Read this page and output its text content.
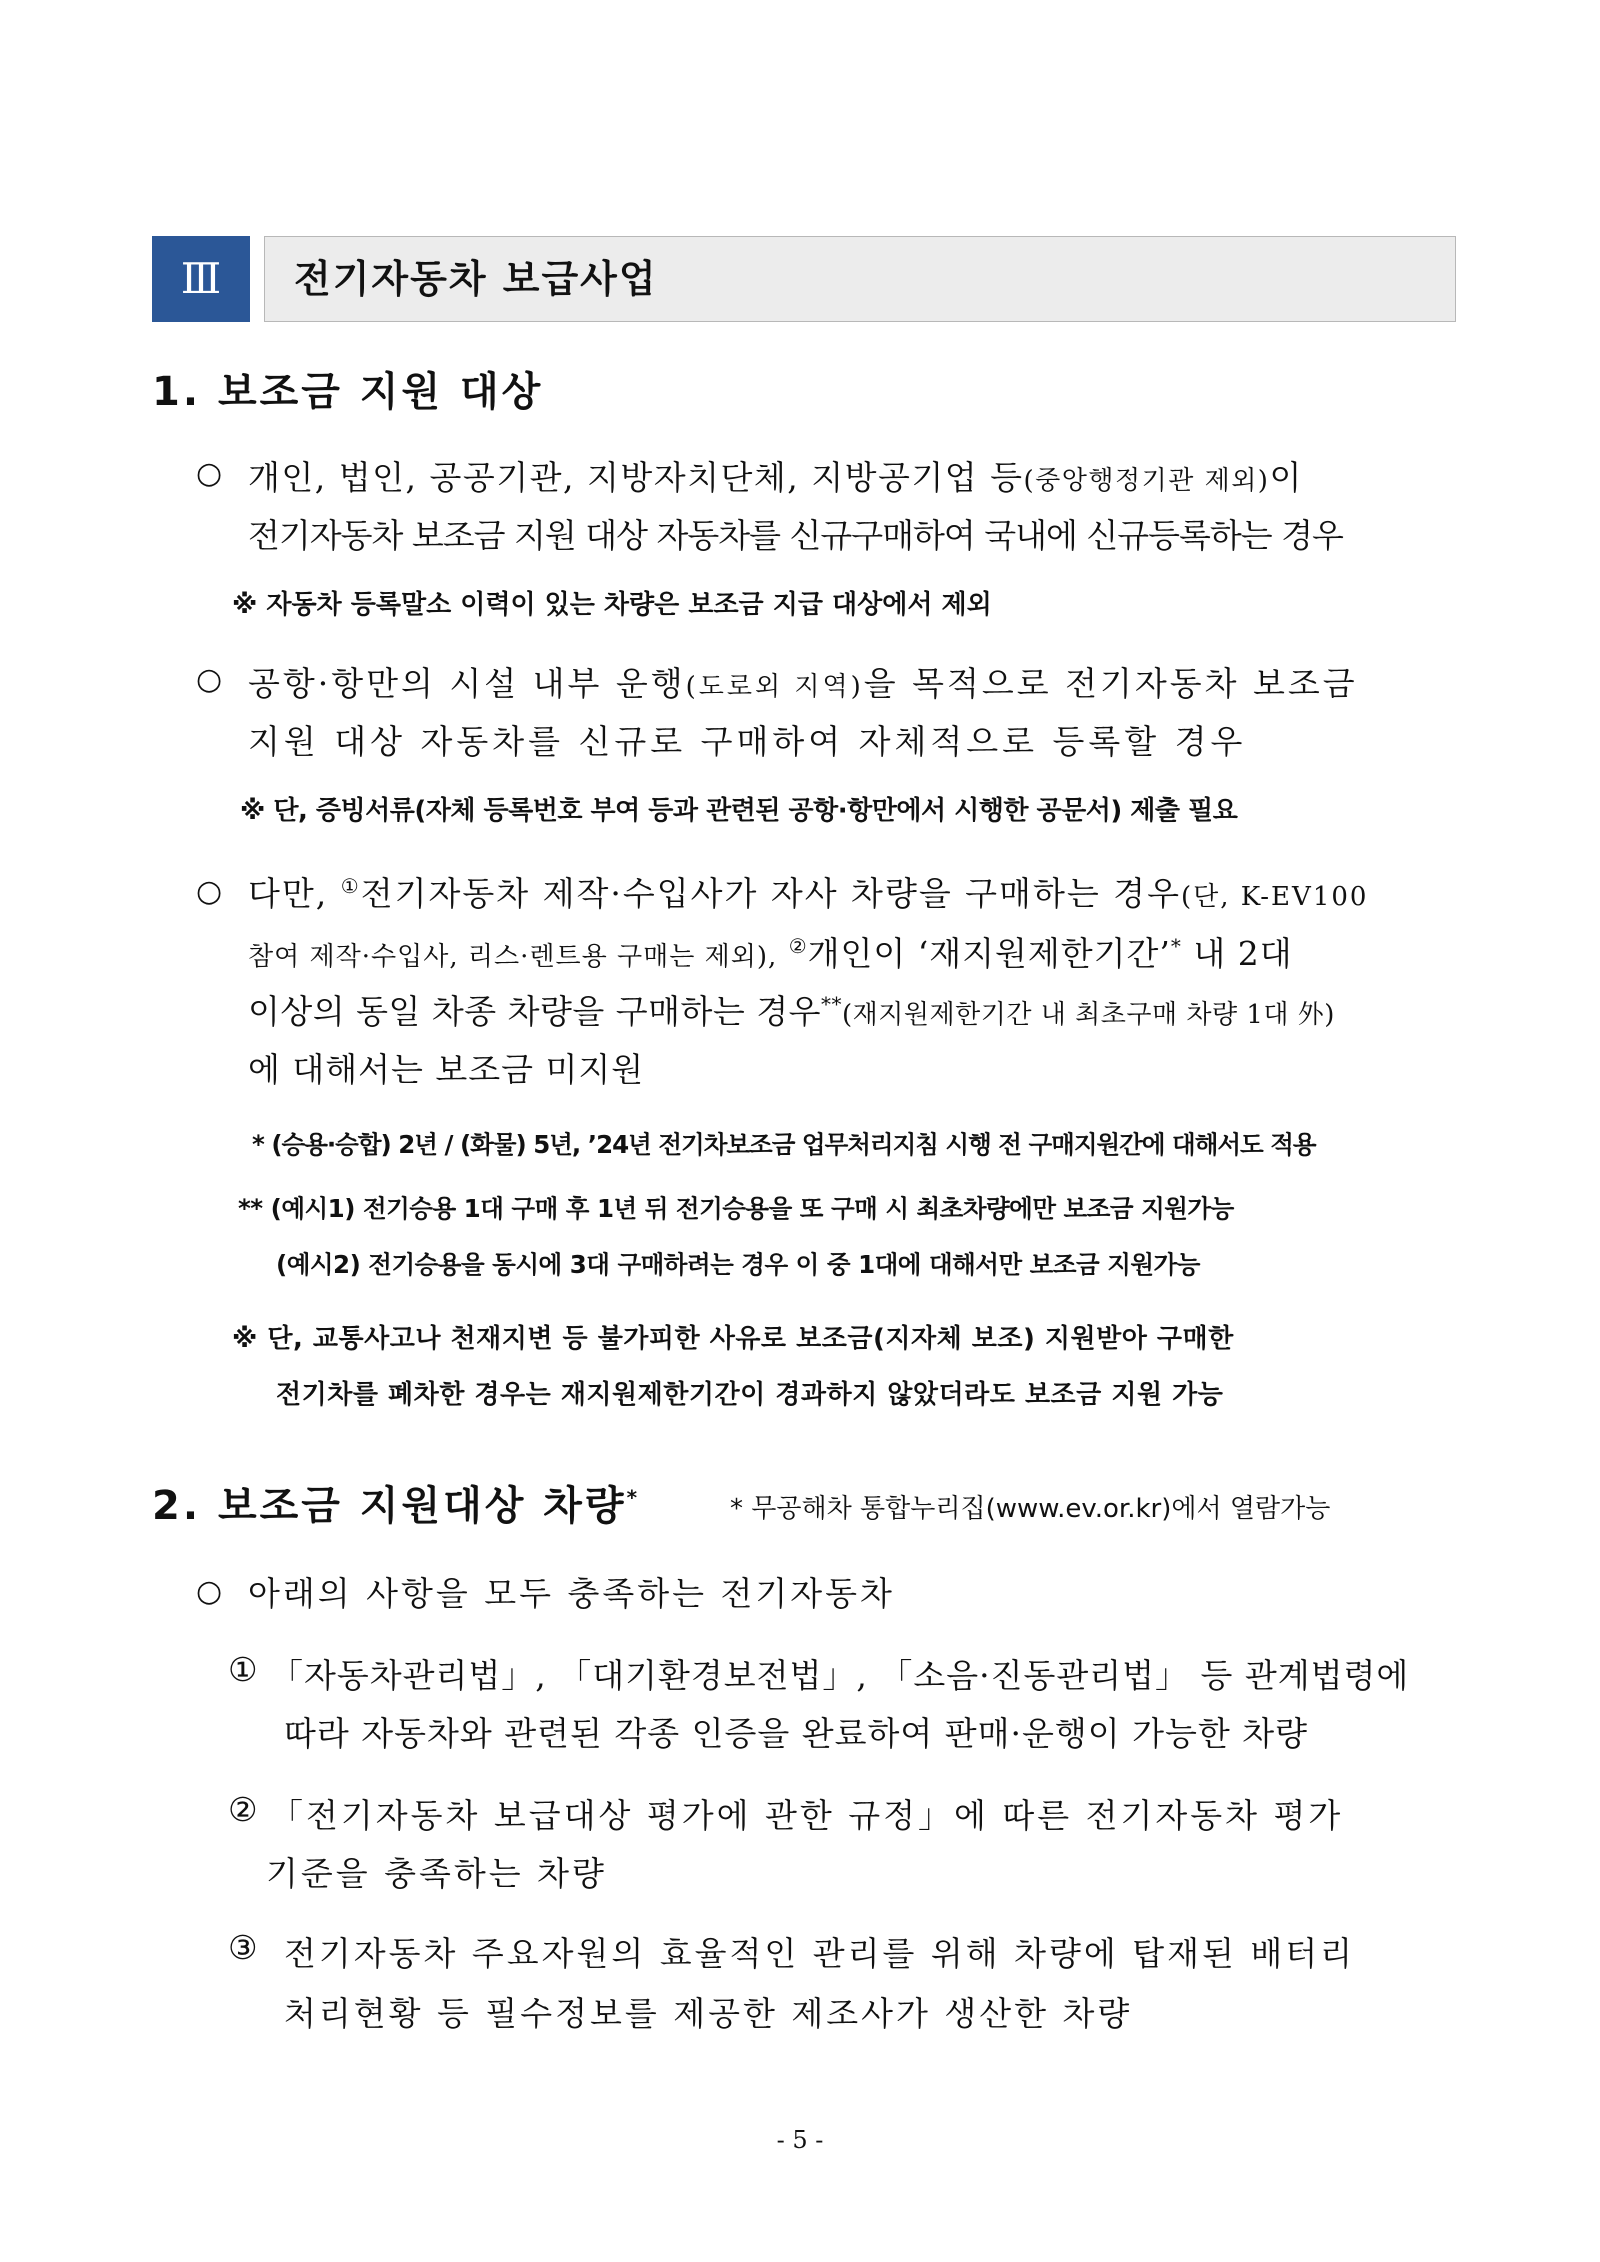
Ⅲ	전기자동차 보급사업
1. 보조금 지원 대상
○ 개인, 법인, 공공기관, 지방자치단체, 지방공기업 등(중앙행정기관 제외)이
전기자동차 보조금 지원 대상 자동차를 신규구매하여 국내에 신규등록하는 경우
※ 자동차 등록말소 이력이 있는 차량은 보조금 지급 대상에서 제외
○ 공항·항만의 시설 내부 운행(도로외 지역)을 목적으로 전기자동차 보조금
지원 대상 자동차를 신규로 구매하여 자체적으로 등록할 경우
※ 단, 증빙서류(자체 등록번호 부여 등과 관련된 공항·항만에서 시행한 공문서) 제출 필요
○ 다만, ①전기자동차 제작·수입사가 자사 차량을 구매하는 경우(단, K-EV100
참여 제작·수입사, 리스·렌트용 구매는 제외), ②개인이 ‘재지원제한기간’* 내 2대
이상의 동일 차종 차량을 구매하는 경우**(재지원제한기간 내 최초구매 차량 1대 外)
에 대해서는 보조금 미지원
* (승용·승합) 2년 / (화물) 5년, ’24년 전기차보조금 업무처리지침 시행 전 구매지원간에 대해서도 적용
** (예시1) 전기승용 1대 구매 후 1년 뒤 전기승용을 또 구매 시 최초차량에만 보조금 지원가능
(예시2) 전기승용을 동시에 3대 구매하려는 경우 이 중 1대에 대해서만 보조금 지원가능
※ 단, 교통사고나 천재지변 등 불가피한 사유로 보조금(지자체 보조) 지원받아 구매한
전기차를 폐차한 경우는 재지원제한기간이 경과하지 않았더라도 보조금 지원 가능
2. 보조금 지원대상 차량*	* 무공해차 통합누리집(www.ev.or.kr)에서 열람가능
○ 아래의 사항을 모두 충족하는 전기자동차
① 「자동차관리법」, 「대기환경보전법」, 「소음·진동관리법」 등 관계법령에
따라 자동차와 관련된 각종 인증을 완료하여 판매·운행이 가능한 차량
② 「전기자동차 보급대상 평가에 관한 규정」에 따른 전기자동차 평가
기준을 충족하는 차량
③ 전기자동차 주요자원의 효율적인 관리를 위해 차량에 탑재된 배터리
처리현황 등 필수정보를 제공한 제조사가 생산한 차량
- 5 -
